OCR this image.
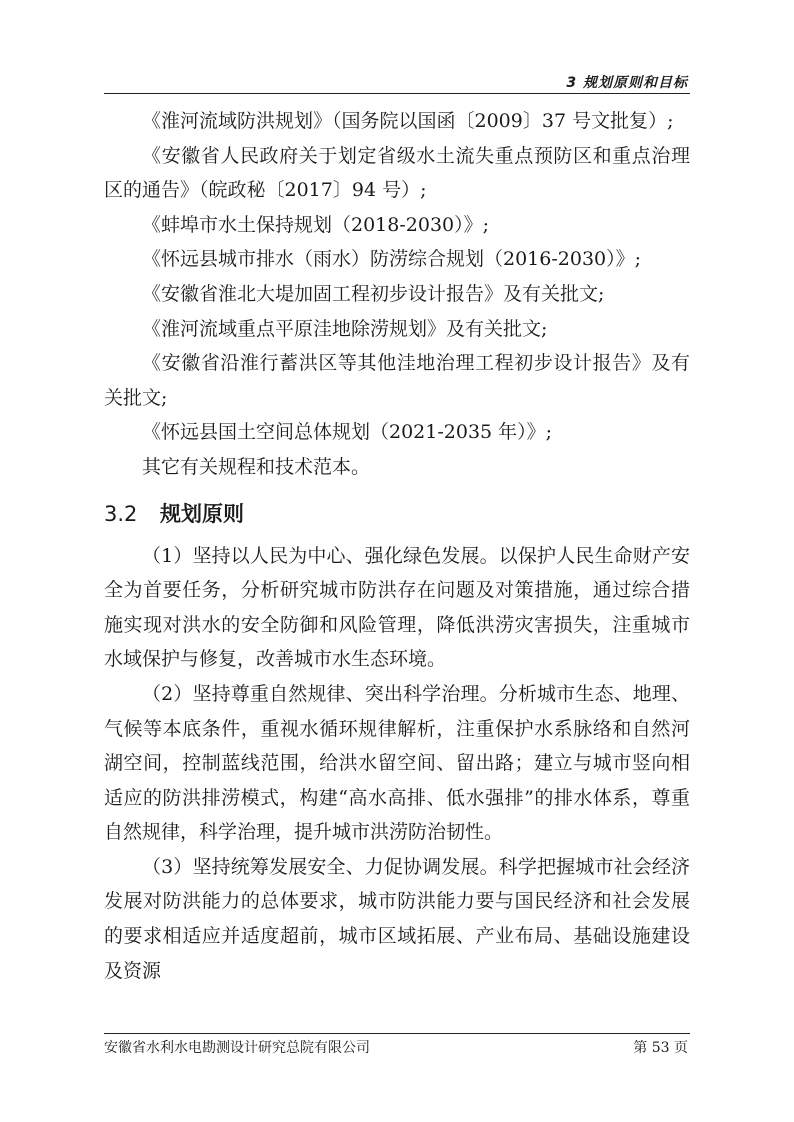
3 规划原则和目标

《淮河流域防洪规划》（国务院以国函〔2009〕37 号文批复）;

《安徽省人民政府关于划定省级水土流失重点预防区和重点治理区的通告》（皖政秘〔2017〕94 号）;

《蚌埠市水土保持规划（2018-2030）》;

《怀远县城市排水（雨水）防涝综合规划（2016-2030）》;

《安徽省淮北大堤加固工程初步设计报告》及有关批文;

《淮河流域重点平原洼地除涝规划》及有关批文;

《安徽省沿淮行蓄洪区等其他洼地治理工程初步设计报告》及有关批文;

《怀远县国土空间总体规划（2021-2035 年）》;

其它有关规程和技术范本。

3.2 规划原则

（1）坚持以人民为中心、强化绿色发展。以保护人民生命财产安全为首要任务，分析研究城市防洪存在问题及对策措施，通过综合措施实现对洪水的安全防御和风险管理，降低洪涝灾害损失，注重城市水域保护与修复，改善城市水生态环境。

（2）坚持尊重自然规律、突出科学治理。分析城市生态、地理、气候等本底条件，重视水循环规律解析，注重保护水系脉络和自然河湖空间，控制蓝线范围，给洪水留空间、留出路；建立与城市竖向相适应的防洪排涝模式，构建“高水高排、低水强排”的排水体系，尊重自然规律，科学治理，提升城市洪涝防治韧性。

（3）坚持统筹发展安全、力促协调发展。科学把握城市社会经济发展对防洪能力的总体要求，城市防洪能力要与国民经济和社会发展的要求相适应并适度超前，城市区域拓展、产业布局、基础设施建设及资源

安徽省水利水电勘测设计研究总院有限公司	第 53 页
